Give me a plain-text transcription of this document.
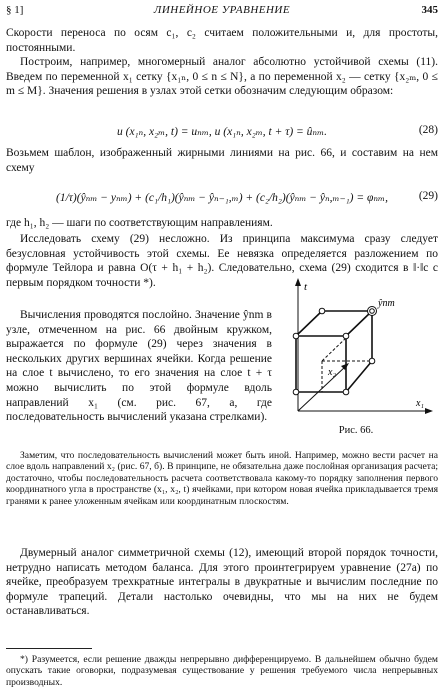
§ 1]	ЛИНЕЙНОЕ УРАВНЕНИЕ	345

Скорости переноса по осям c₁, c₂ считаем положительными и, для простоты, постоянными.

Построим, например, многомерный аналог абсолютно устойчивой схемы (11). Введем по переменной x₁ сетку {x₁ₙ, 0 ≤ n ≤ N}, а по переменной x₂ — сетку {x₂ₘ, 0 ≤ m ≤ M}. Значения решения в узлах этой сетки обозначим следующим образом:

u (x₁ₙ, x₂ₘ, t) = uₙₘ, u (x₁ₙ, x₂ₘ, t + τ) = ûₙₘ.	(28)

Возьмем шаблон, изображенный жирными линиями на рис. 66, и составим на нем схему

(1/τ)(ŷₙₘ − yₙₘ) + (c₁/h₁)(ŷₙₘ − ŷₙ₋₁,ₘ) + (c₂/h₂)(ŷₙₘ − ŷₙ,ₘ₋₁) = φₙₘ,	(29)

где h₁, h₂ — шаги по соответствующим направлениям.

Исследовать схему (29) несложно. Из принципа максимума сразу следует безусловная устойчивость этой схемы. Ее невязка определяется разложением по формуле Тейлора и равна O(τ + h₁ + h₂). Следовательно, схема (29) сходится в ‖·‖c с первым порядком точности *).

Вычисления проводятся послойно. Значение ŷnm в узле, отмеченном на рис. 66 двойным кружком, выражается по формуле (29) через значения в нескольких других вершинах ячейки. Когда решение на слое t вычислено, то его значения на слое t + τ можно вычислить по этой формуле вдоль направлений x₁ (см. рис. 67, a, где последовательность вычислений указана стрелками).

t
x₁
x₂
ŷnm
Рис. 66.

Заметим, что последовательность вычислений может быть иной. Например, можно вести расчет на слое вдоль направлений x₂ (рис. 67, б). В принципе, не обязательна даже послойная организация расчета; достаточно, чтобы последовательность расчета соответствовала какому-то порядку заполнения первого координатного угла в пространстве (x₁, x₂, t) ячейками, при котором новая ячейка прикладывается тремя гранями к ранее уложенным ячейкам или координатным плоскостям.

Двумерный аналог симметричной схемы (12), имеющий второй порядок точности, нетрудно написать методом баланса. Для этого проинтегрируем уравнение (27а) по ячейке, преобразуем трехкратные интегралы в двукратные и вычислим последние по формуле трапеций. Детали настолько очевидны, что мы на них не будем останавливаться.

*) Разумеется, если решение дважды непрерывно дифференцируемо. В дальнейшем обычно будем опускать такие оговорки, подразумевая существование у решения требуемого числа непрерывных производных.
